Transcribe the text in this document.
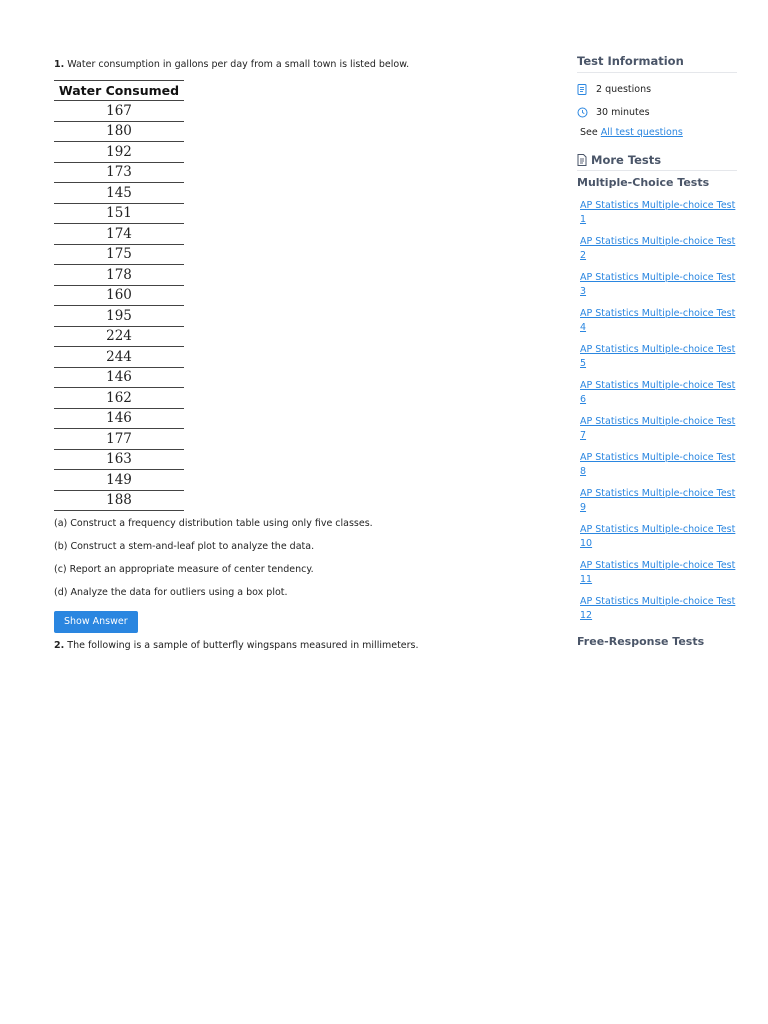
1. Water consumption in gallons per day from a small town is listed below.

Water Consumed
167
180
192
173
145
151
174
175
178
160
195
224
244
146
162
146
177
163
149
188

(a) Construct a frequency distribution table using only five classes.

(b) Construct a stem-and-leaf plot to analyze the data.

(c) Report an appropriate measure of center tendency.

(d) Analyze the data for outliers using a box plot.

Show Answer

2. The following is a sample of butterfly wingspans measured in millimeters.

Test Information
2 questions
30 minutes
See All test questions
More Tests
Multiple-Choice Tests
AP Statistics Multiple-choice Test 1
AP Statistics Multiple-choice Test 2
AP Statistics Multiple-choice Test 3
AP Statistics Multiple-choice Test 4
AP Statistics Multiple-choice Test 5
AP Statistics Multiple-choice Test 6
AP Statistics Multiple-choice Test 7
AP Statistics Multiple-choice Test 8
AP Statistics Multiple-choice Test 9
AP Statistics Multiple-choice Test 10
AP Statistics Multiple-choice Test 11
AP Statistics Multiple-choice Test 12
Free-Response Tests
